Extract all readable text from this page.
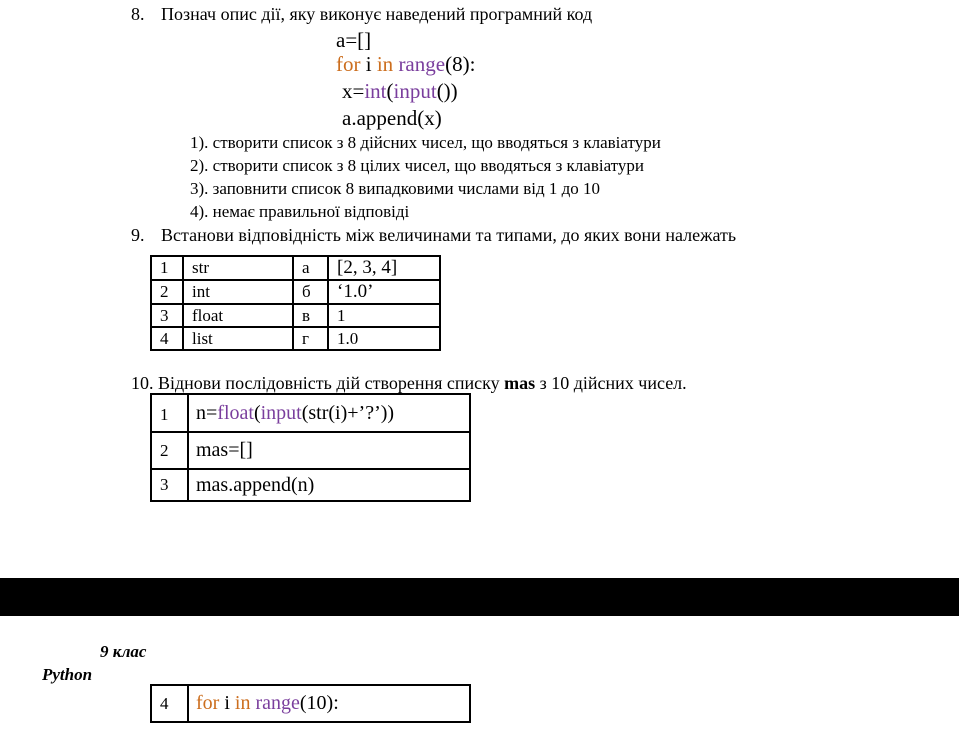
8. Познач опис дії, яку виконує наведений програмний код
a=[]
for i in range(8):
x=int(input())
a.append(x)
1). створити список з 8 дійсних чисел, що вводяться з клавіатури
2). створити список з 8 цілих чисел, що вводяться з клавіатури
3). заповнити список 8 випадковими числами від 1 до 10
4). немає правильної відповіді
9. Встанови відповідність між величинами та типами, до яких вони належать
1	str	а	[2, 3, 4]
2	int	б	‘1.0’
3	float	в	1
4	list	г	1.0
10. Віднови послідовність дій створення списку mas з 10 дійсних чисел.
1	n=float(input(str(i)+’?’))
2	mas=[]
3	mas.append(n)
9 клас
Python
4	for i in range(10):
